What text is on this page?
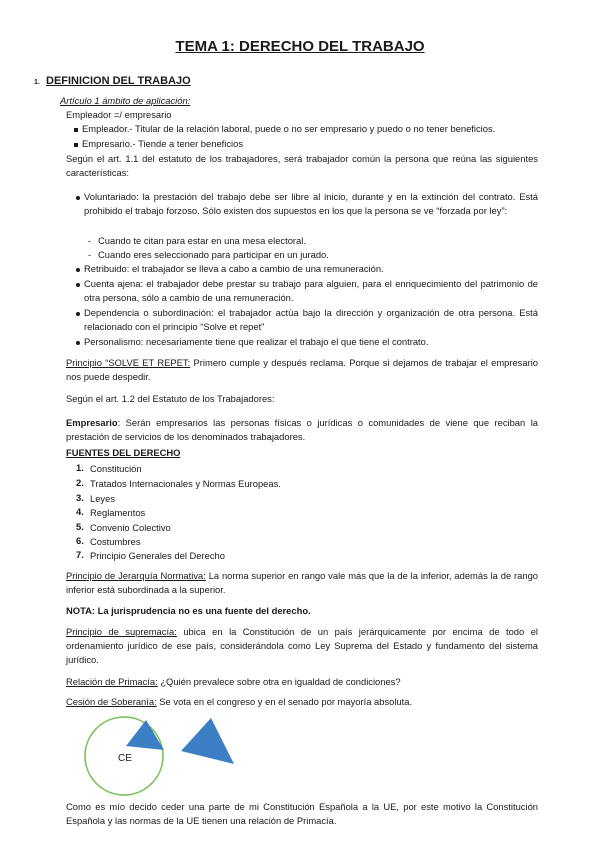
TEMA 1: DERECHO DEL TRABAJO
1. DEFINICION DEL TRABAJO
Artículo 1 ámbito de aplicación:
Empleador =/ empresario
Empleador.- Titular de la relación laboral, puede o no ser empresario y puedo o no tener beneficios.
Empresario.- Tiende a tener beneficios
Según el art. 1.1 del estatuto de los trabajadores, será trabajador común la persona que reúna las siguientes características:
Voluntariado: la prestación del trabajo debe ser libre al inicio, durante y en la extinción del contrato. Está prohibido el trabajo forzoso. Sólo existen dos supuestos en los que la persona se ve “forzada por ley”:
- Cuando te citan para estar en una mesa electoral.
- Cuando eres seleccionado para participar en un jurado.
Retribuido: el trabajador se lleva a cabo a cambio de una remuneración.
Cuenta ajena: el trabajador debe prestar su trabajo para alguien, para el enriquecimiento del patrimonio de otra persona, sólo a cambio de una remuneración.
Dependencia o subordinación: el trabajador actúa bajo la dirección y organización de otra persona. Está relacionado con el principio “Solve et repet”
Personalismo: necesariamente tiene que realizar el trabajo el que tiene el contrato.
Principio “SOLVE ET REPET: Primero cumple y después reclama. Porque si dejamos de trabajar el empresario nos puede despedir.
Según el art. 1.2 del Estatuto de los Trabajadores:
Empresario: Serán empresarios las personas físicas o jurídicas o comunidades de viene que reciban la prestación de servicios de los denominados trabajadores.
FUENTES DEL DERECHO
1. Constitución
2. Tratados Internacionales y Normas Europeas.
3. Leyes
4. Reglamentos
5. Convenio Colectivo
6. Costumbres
7. Principio Generales del Derecho
Principio de Jerarquía Normativa: La norma superior en rango vale más que la de la inferior, además la de rango inferior está subordinada a la superior.
NOTA: La jurisprudencia no es una fuente del derecho.
Principio de supremacía: ubica en la Constitución de un país jerárquicamente por encima de todo el ordenamiento jurídico de ese país, considerándola como Ley Suprema del Estado y fundamento del sistema jurídico.
Relación de Primacía: ¿Quién prevalece sobre otra en igualdad de condiciones?
Cesión de Soberanía: Se vota en el congreso y en el senado por mayoría absoluta.
CE
Como es mío decido ceder una parte de mi Constitución Española a la UE, por este motivo la Constitución Española y las normas de la UE tienen una relación de Primacía.
